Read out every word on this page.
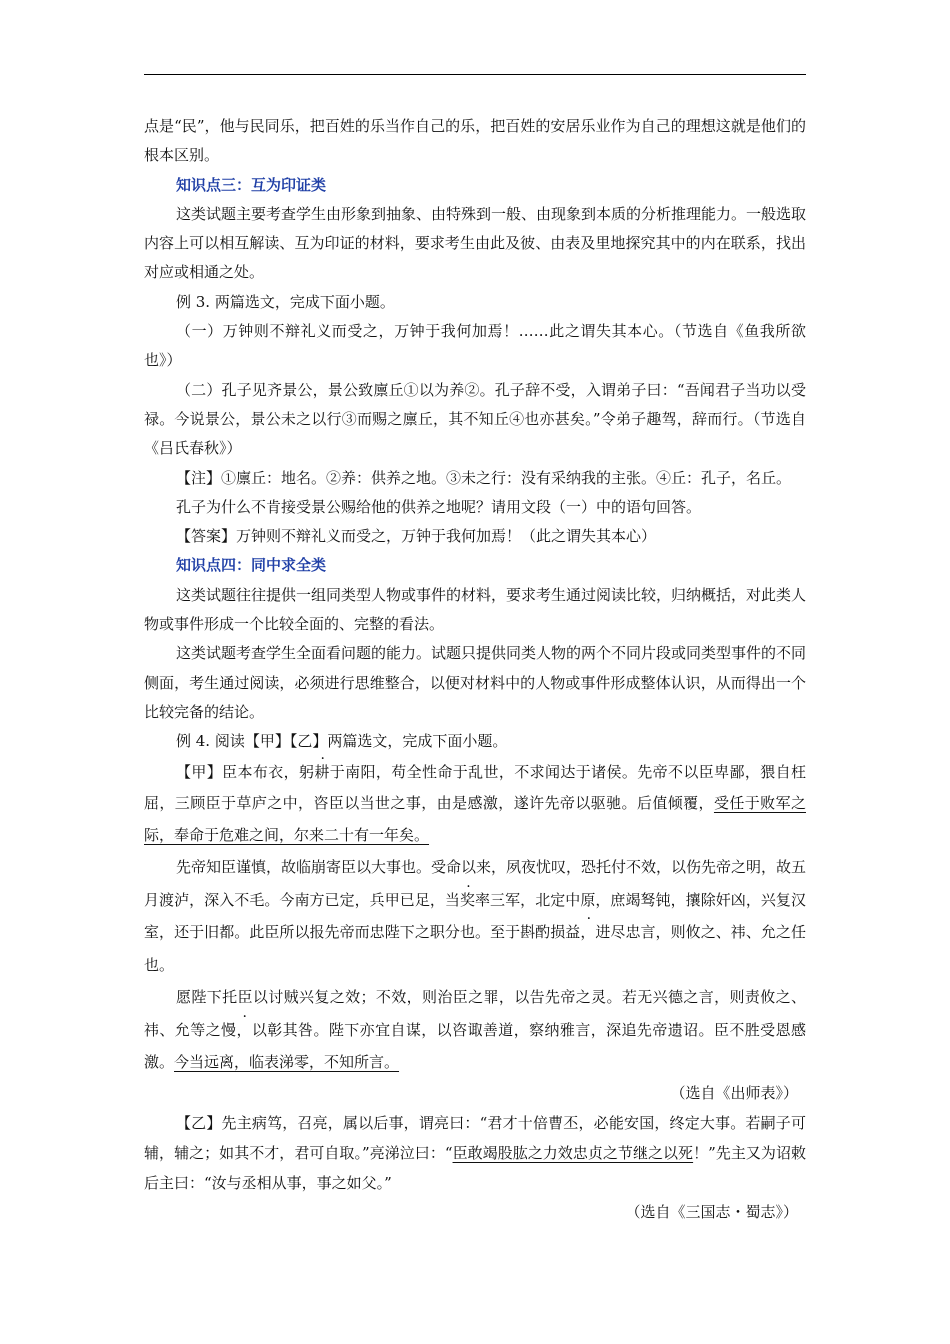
点是“民”，他与民同乐，把百姓的乐当作自己的乐，把百姓的安居乐业作为自己的理想这就是他们的根本区别。

知识点三：互为印证类

这类试题主要考查学生由形象到抽象、由特殊到一般、由现象到本质的分析推理能力。一般选取内容上可以相互解读、互为印证的材料，要求考生由此及彼、由表及里地探究其中的内在联系，找出对应或相通之处。

例 3. 两篇选文，完成下面小题。

（一）万钟则不辩礼义而受之，万钟于我何加焉！……此之谓失其本心。（节选自《鱼我所欲也》）

（二）孔子见齐景公，景公致廪丘①以为养②。孔子辞不受，入谓弟子曰：“吾闻君子当功以受禄。今说景公，景公未之以行③而赐之廪丘，其不知丘④也亦甚矣。”令弟子趣驾，辞而行。（节选自《吕氏春秋》）

【注】①廪丘：地名。②养：供养之地。③未之行：没有采纳我的主张。④丘：孔子，名丘。

孔子为什么不肯接受景公赐给他的供养之地呢？请用文段（一）中的语句回答。

【答案】万钟则不辩礼义而受之，万钟于我何加焉！（此之谓失其本心）

知识点四：同中求全类

这类试题往往提供一组同类型人物或事件的材料，要求考生通过阅读比较，归纳概括，对此类人物或事件形成一个比较全面的、完整的看法。

这类试题考查学生全面看问题的能力。试题只提供同类人物的两个不同片段或同类型事件的不同侧面，考生通过阅读，必须进行思维整合，以便对材料中的人物或事件形成整体认识，从而得出一个比较完备的结论。

例 4. 阅读【甲】【乙】两篇选文，完成下面小题。

【甲】臣本布衣，躬耕于南阳，苟全性命于乱世，不求闻达于诸侯。先帝不以臣卑鄙，猥自枉屈，三顾臣于草庐之中，咨臣以当世之事，由是感激，遂许先帝以驱驰。后值倾覆，受任于败军之际，奉命于危难之间，尔来二十有一年矣。

先帝知臣谨慎，故临崩寄臣以大事也。受命以来，夙夜忧叹，恐托付不效，以伤先帝之明，故五月渡泸，深入不毛。今南方已定，兵甲已足，当奖率三军，北定中原，庶竭驽钝，攘除奸凶，兴复汉室，还于旧都。此臣所以报先帝而忠陛下之职分也。至于斟酌损益，进尽忠言，则攸之、祎、允之任也。

愿陛下托臣以讨贼兴复之效；不效，则治臣之罪，以告先帝之灵。若无兴德之言，则责攸之、祎、允等之慢，以彰其咎。陛下亦宜自谋，以咨诹善道，察纳雅言，深追先帝遗诏。臣不胜受恩感激。今当远离，临表涕零，不知所言。

（选自《出师表》）

【乙】先主病笃，召亮，属以后事，谓亮曰：“君才十倍曹丕，必能安国，终定大事。若嗣子可辅，辅之；如其不才，君可自取。”亮涕泣曰：“臣敢竭股肱之力效忠贞之节继之以死！”先主又为诏敕后主曰：“汝与丞相从事，事之如父。”

（选自《三国志・蜀志》）
